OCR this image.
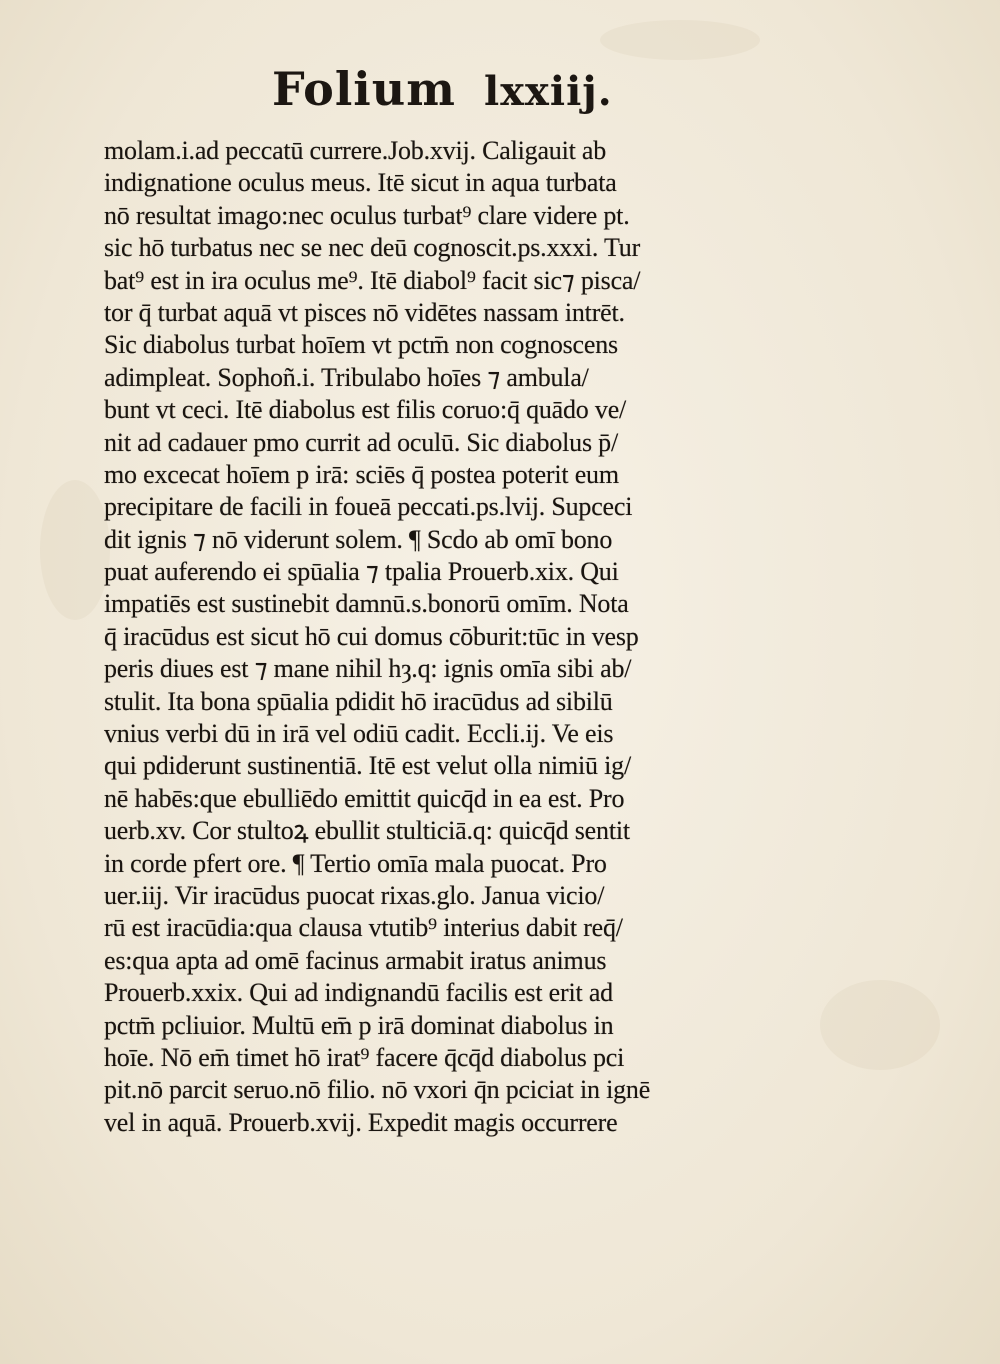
Folium lxxiij.
molam.i.ad peccatū currere.Job.xvij. Caligauit ab
indignatione oculus meus. Itē sicut in aqua turbata
nō resultat imago:nec oculus turbat⁹ clare videre pt.
sic hō turbatus nec se nec deū cognoscit.ps.xxxi. Tur
bat⁹ est in ira oculus me⁹. Itē diabol⁹ facit sic⁊ pisca/
tor q̄ turbat aquā vt pisces nō vidētes nassam intrēt.
Sic diabolus turbat hoīem vt pctm̄ non cognoscens
adimpleat. Sophoñ.i. Tribulabo hoīes ⁊ ambula/
bunt vt ceci. Itē diabolus est filis coruo:q̄ quādo ve/
nit ad cadauer pmo currit ad oculū. Sic diabolus p̄/
mo excecat hoīem p irā: sciēs q̄ postea poterit eum
precipitare de facili in foueā peccati.ps.lvij. Supceci
dit ignis ⁊ nō viderunt solem. ¶ Scdo ab omī bono
puat auferendo ei spūalia ⁊ tpalia Prouerb.xix. Qui
impatiēs est sustinebit damnū.s.bonorū omīm. Nota
q̄ iracūdus est sicut hō cui domus cōburit:tūc in vesp
peris diues est ⁊ mane nihil hȝ.q: ignis omīa sibi ab/
stulit. Ita bona spūalia pdidit hō iracūdus ad sibilū
vnius verbi dū in irā vel odiū cadit. Eccli.ij. Ve eis
qui pdiderunt sustinentiā. Itē est velut olla nimiū ig/
nē habēs:que ebulliēdo emittit quicq̄d in ea est. Pro
uerb.xv. Cor stultoꝝ ebullit stulticiā.q: quicq̄d sentit
in corde pfert ore. ¶ Tertio omīa mala puocat. Pro
uer.iij. Vir iracūdus puocat rixas.glo. Janua vicio/
rū est iracūdia:qua clausa vtutib⁹ interius dabit req̄/
es:qua apta ad omē facinus armabit iratus animus
Prouerb.xxix. Qui ad indignandū facilis est erit ad
pctm̄ pcliuior. Multū em̄ p irā dominat diabolus in
hoīe. Nō em̄ timet hō irat⁹ facere q̄cq̄d diabolus pci
pit.nō parcit seruo.nō filio. nō vxori q̄n pciciat in ignē
vel in aquā. Prouerb.xvij. Expedit magis occurrere
